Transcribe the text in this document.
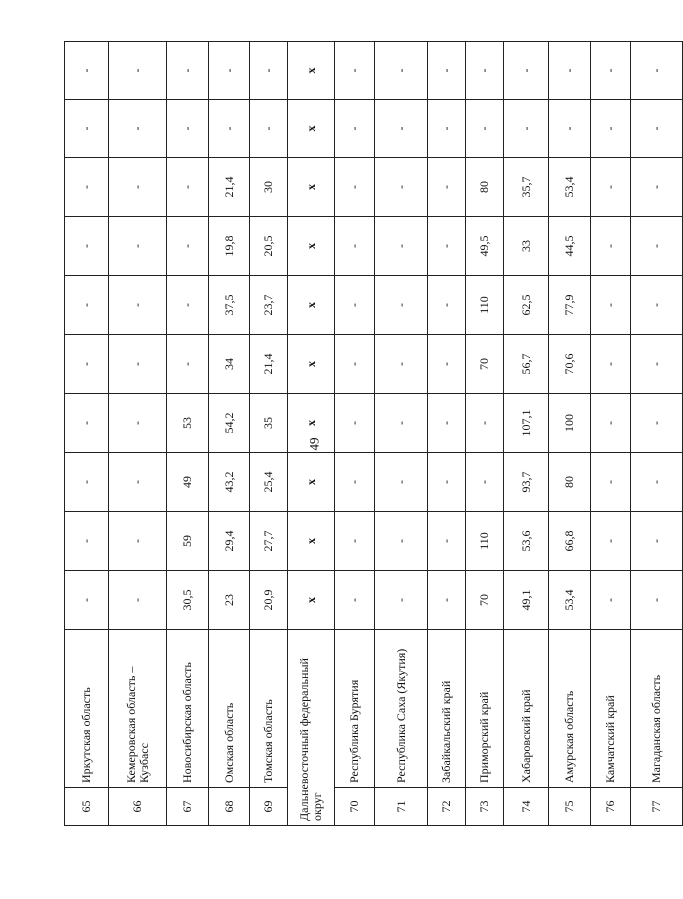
49
65	Иркутская область	-	-	-	-	-	-	-	-	-	-
66	Кемеровская область – Кузбасс	-	-	-	-	-	-	-	-	-	-
67	Новосибирская область	30,5	59	49	53	-	-	-	-	-	-
68	Омская область	23	29,4	43,2	54,2	34	37,5	19,8	21,4	-	-
69	Томская область	20,9	27,7	25,4	35	21,4	23,7	20,5	30	-	-
Дальневосточный федеральный округ		x	x	x	x	x	x	x	x	x	x
70	Республика Бурятия	-	-	-	-	-	-	-	-	-	-
71	Республика Саха (Якутия)	-	-	-	-	-	-	-	-	-	-
72	Забайкальский край	-	-	-	-	-	-	-	-	-	-
73	Приморский край	70	110	-	-	70	110	49,5	80	-	-
74	Хабаровский край	49,1	53,6	93,7	107,1	56,7	62,5	33	35,7	-	-
75	Амурская область	53,4	66,8	80	100	70,6	77,9	44,5	53,4	-	-
76	Камчатский край	-	-	-	-	-	-	-	-	-	-
77	Магаданская область	-	-	-	-	-	-	-	-	-	-
